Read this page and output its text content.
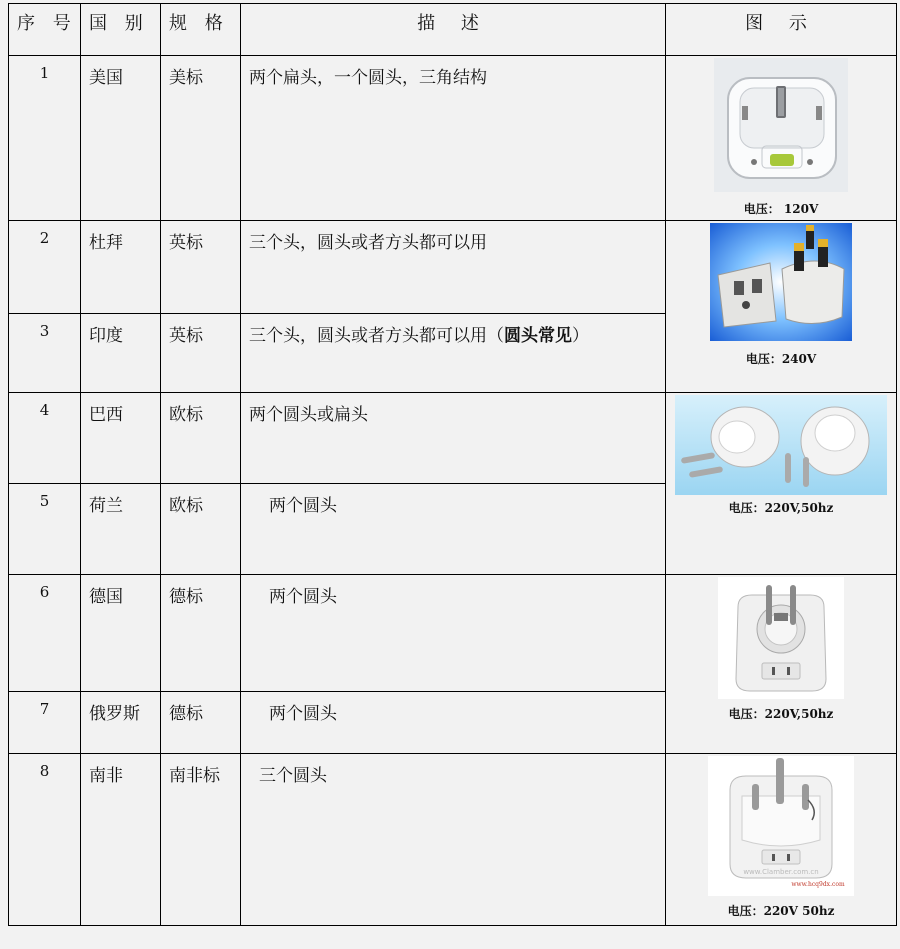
序 号	国 别	规 格	描 述	图 示

1	美国	美标	两个扁头，一个圆头，三角结构	电压： 120V

2	杜拜	英标	三个头，圆头或者方头都可以用	电压：240V

3	印度	英标	三个头，圆头或者方头都可以用（圆头常见）	

4	巴西	欧标	两个圆头或扁头	电压：220V,50hz

5	荷兰	欧标	两个圆头	

6	德国	德标	两个圆头	电压：220V,50hz

7	俄罗斯	德标	两个圆头	

8	南非	南非标	三个圆头	www.Clamber.com.cn
www.hcq9dx.com
电压：220V 50hz
